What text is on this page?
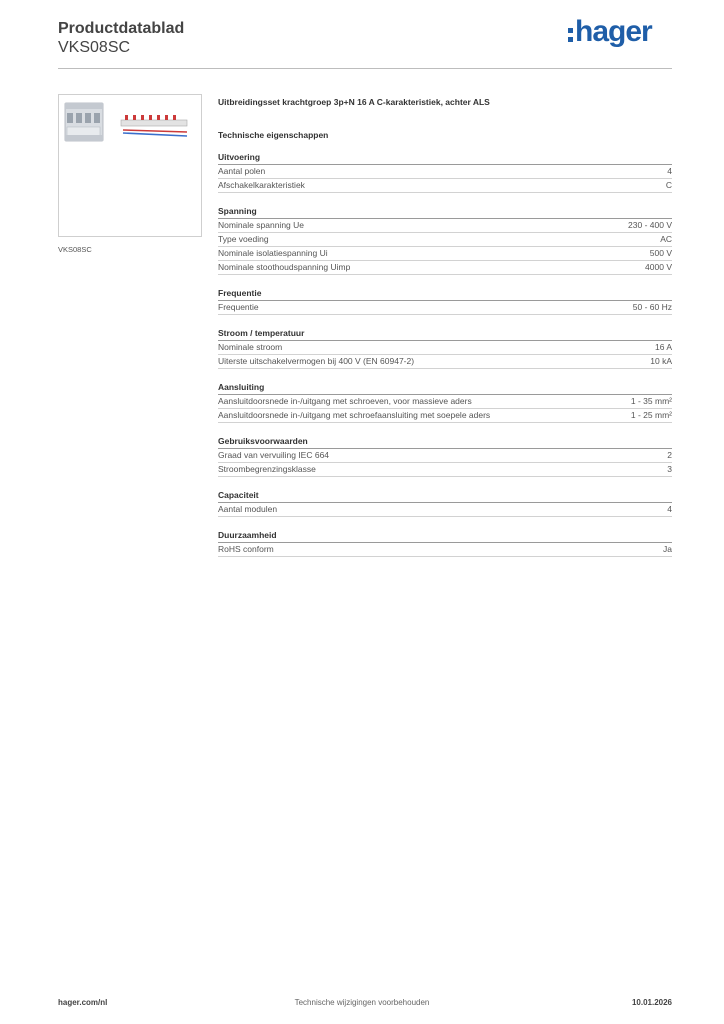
Productdatablad
VKS08SC	hager
VKS08SC
Uitbreidingsset krachtgroep 3p+N 16 A C-karakteristiek, achter ALS
Technische eigenschappen
Uitvoering
Aantal polen	4
Afschakelkarakteristiek	C
Spanning
Nominale spanning Ue	230 - 400 V
Type voeding	AC
Nominale isolatiespanning Ui	500 V
Nominale stoothoudspanning Uimp	4000 V
Frequentie
Frequentie	50 - 60 Hz
Stroom / temperatuur
Nominale stroom	16 A
Uiterste uitschakelvermogen bij 400 V (EN 60947-2)	10 kA
Aansluiting
Aansluitdoorsnede in-/uitgang met schroeven, voor massieve aders	1 - 35 mm²
Aansluitdoorsnede in-/uitgang met schroefaansluiting met soepele aders	1 - 25 mm²
Gebruiksvoorwaarden
Graad van vervuiling IEC 664	2
Stroombegrenzingsklasse	3
Capaciteit
Aantal modulen	4
Duurzaamheid
RoHS conform	Ja
hager.com/nl	Technische wijzigingen voorbehouden	10.01.2026
